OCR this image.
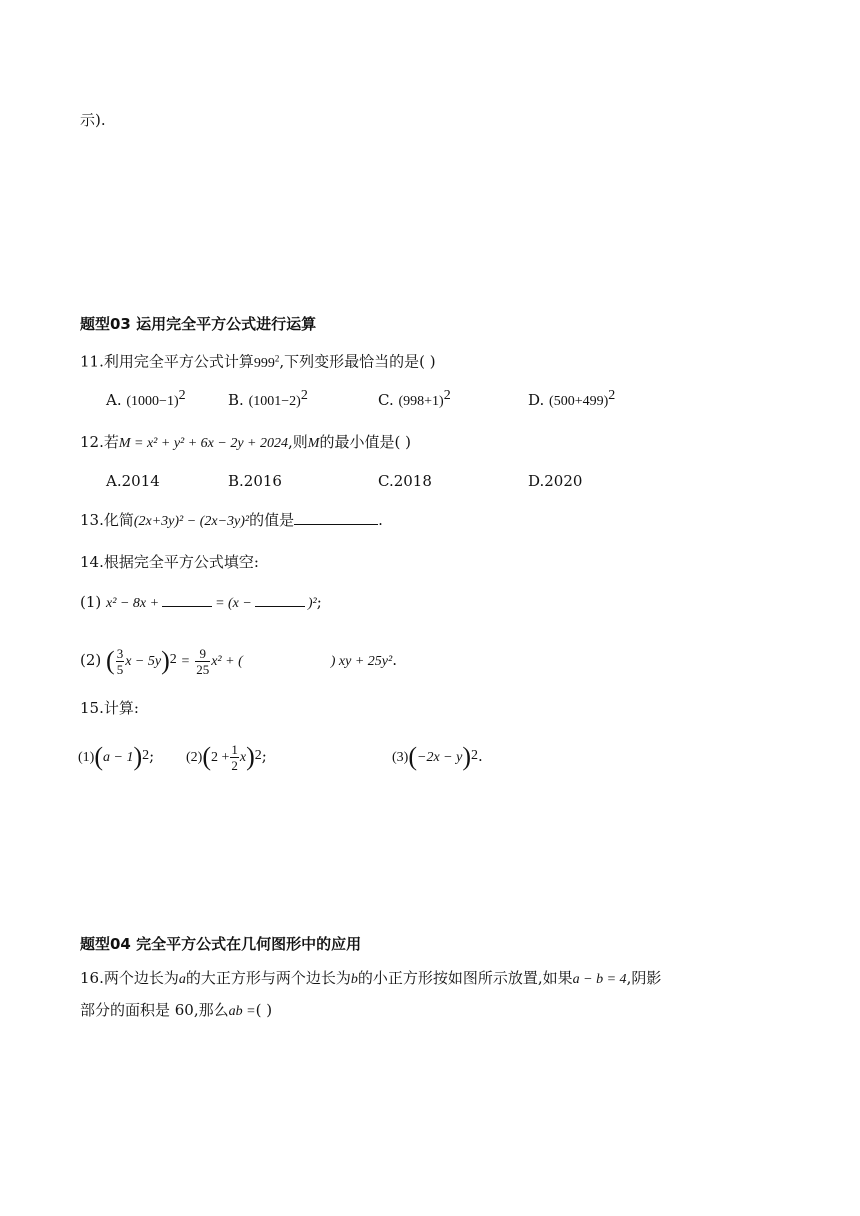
示).
题型03 运用完全平方公式进行运算
11.利用完全平方公式计算$999^2$,下列变形最恰当的是( )
A. $(1000-1)^2$	B. $(1001-2)^2$	C. $(998+1)^2$	D. $(500+499)^2$
12.若M = x² + y² + 6x − 2y + 2024,则M的最小值是( )
A.2014	B.2016	C.2018	D.2020
13.化简(2x+3y)² − (2x−3y)²的值是	.
14.根据完全平方公式填空:
(1) x² − 8x +	= (x −	)²;
(2) ( $\frac{3}{5}$ $x - 5y)^2 = \frac{9}{25} x^2$ + (	) xy + 25y².
15.计算:
$(1)(a - 1)^2$; $(2)(2 + \frac{1}{2} x)^2$;	$(3)(-2x - y)^2$.
题型04 完全平方公式在几何图形中的应用
16.两个边长为a的大正方形与两个边长为b的小正方形按如图所示放置,如果a − b = 4,阴影
部分的面积是 60,那么ab =( )
